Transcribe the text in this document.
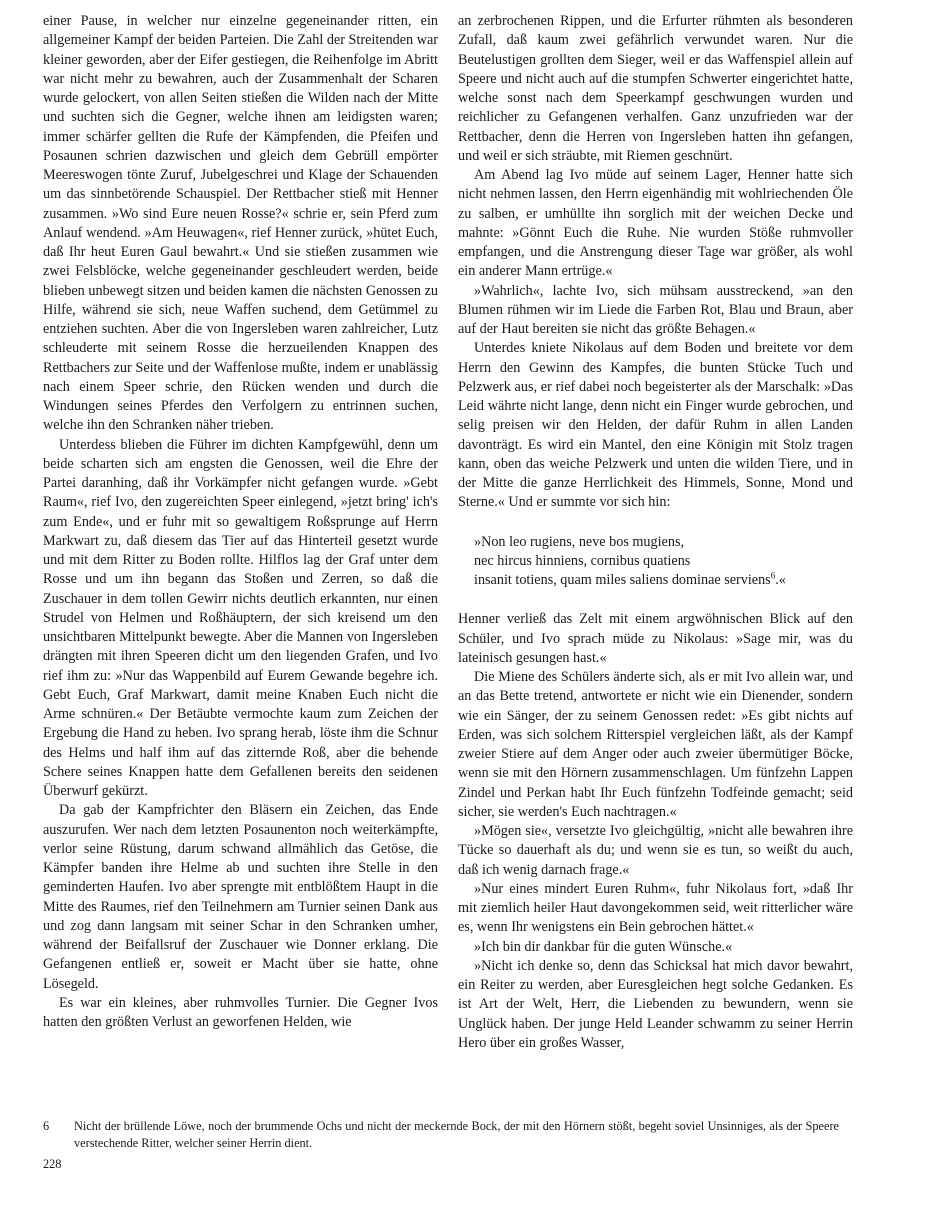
einer Pause, in welcher nur einzelne gegeneinander ritten, ein allgemeiner Kampf der beiden Parteien. Die Zahl der Streitenden war kleiner geworden, aber der Eifer gestiegen, die Reihenfolge im Abritt war nicht mehr zu bewahren, auch der Zusammenhalt der Scharen wurde gelockert, von allen Seiten stießen die Wilden nach der Mitte und suchten sich die Gegner, welche ihnen am leidigsten waren; immer schärfer gellten die Rufe der Kämpfenden, die Pfeifen und Posaunen schrien dazwischen und gleich dem Gebrüll empörter Meereswogen tönte Zuruf, Jubelgeschrei und Klage der Schauenden um das sinnbetörende Schauspiel. Der Rettbacher stieß mit Henner zusammen. »Wo sind Eure neuen Rosse?« schrie er, sein Pferd zum Anlauf wendend. »Am Heuwagen«, rief Henner zurück, »hütet Euch, daß Ihr heut Euren Gaul bewahrt.« Und sie stießen zusammen wie zwei Felsblöcke, welche gegeneinander geschleudert werden, beide blieben unbewegt sitzen und beiden kamen die nächsten Genossen zu Hilfe, während sie sich, neue Waffen suchend, dem Getümmel zu entziehen suchten. Aber die von Ingersleben waren zahlreicher, Lutz schleuderte mit seinem Rosse die herzueilenden Knappen des Rettbachers zur Seite und der Waffenlose mußte, indem er unablässig nach einem Speer schrie, den Rücken wenden und durch die Windungen seines Pferdes den Verfolgern zu entrinnen suchen, welche ihn den Schranken näher trieben.

Unterdess blieben die Führer im dichten Kampfgewühl, denn um beide scharten sich am engsten die Genossen, weil die Ehre der Partei daranhing, daß ihr Vorkämpfer nicht gefangen wurde. »Gebt Raum«, rief Ivo, den zugereichten Speer einlegend, »jetzt bring' ich's zum Ende«, und er fuhr mit so gewaltigem Roßsprunge auf Herrn Markwart zu, daß diesem das Tier auf das Hinterteil gesetzt wurde und mit dem Ritter zu Boden rollte. Hilflos lag der Graf unter dem Rosse und um ihn begann das Stoßen und Zerren, so daß die Zuschauer in dem tollen Gewirr nichts deutlich erkannten, nur einen Strudel von Helmen und Roßhäuptern, der sich kreisend um den unsichtbaren Mittelpunkt bewegte. Aber die Mannen von Ingersleben drängten mit ihren Speeren dicht um den liegenden Grafen, und Ivo rief ihm zu: »Nur das Wappenbild auf Eurem Gewande begehre ich. Gebt Euch, Graf Markwart, damit meine Knaben Euch nicht die Arme schnüren.« Der Betäubte vermochte kaum zum Zeichen der Ergebung die Hand zu heben. Ivo sprang herab, löste ihm die Schnur des Helms und half ihm auf das zitternde Roß, aber die behende Schere seines Knappen hatte dem Gefallenen bereits den seidenen Überwurf gekürzt.

Da gab der Kampfrichter den Bläsern ein Zeichen, das Ende auszurufen. Wer nach dem letzten Posaunenton noch weiterkämpfte, verlor seine Rüstung, darum schwand allmählich das Getöse, die Kämpfer banden ihre Helme ab und suchten ihre Stelle in den geminderten Haufen. Ivo aber sprengte mit entblößtem Haupt in die Mitte des Raumes, rief den Teilnehmern am Turnier seinen Dank aus und zog dann langsam mit seiner Schar in den Schranken umher, während der Beifallsruf der Zuschauer wie Donner erklang. Die Gefangenen entließ er, soweit er Macht über sie hatte, ohne Lösegeld.

Es war ein kleines, aber ruhmvolles Turnier. Die Gegner Ivos hatten den größten Verlust an geworfenen Helden, wie

an zerbrochenen Rippen, und die Erfurter rühmten als besonderen Zufall, daß kaum zwei gefährlich verwundet waren. Nur die Beutelustigen grollten dem Sieger, weil er das Waffenspiel allein auf Speere und nicht auch auf die stumpfen Schwerter eingerichtet hatte, welche sonst nach dem Speerkampf geschwungen wurden und reichlicher zu Gefangenen verhalfen. Ganz unzufrieden war der Rettbacher, denn die Herren von Ingersleben hatten ihn gefangen, und weil er sich sträubte, mit Riemen geschnürt.

Am Abend lag Ivo müde auf seinem Lager, Henner hatte sich nicht nehmen lassen, den Herrn eigenhändig mit wohlriechenden Öle zu salben, er umhüllte ihn sorglich mit der weichen Decke und mahnte: »Gönnt Euch die Ruhe. Nie wurden Stöße ruhmvoller empfangen, und die Anstrengung dieser Tage war größer, als wohl ein anderer Mann ertrüge.«

»Wahrlich«, lachte Ivo, sich mühsam ausstreckend, »an den Blumen rühmen wir im Liede die Farben Rot, Blau und Braun, aber auf der Haut bereiten sie nicht das größte Behagen.«

Unterdes kniete Nikolaus auf dem Boden und breitete vor dem Herrn den Gewinn des Kampfes, die bunten Stücke Tuch und Pelzwerk aus, er rief dabei noch begeisterter als der Marschalk: »Das Leid währte nicht lange, denn nicht ein Finger wurde gebrochen, und selig preisen wir den Helden, der dafür Ruhm in allen Landen davonträgt. Es wird ein Mantel, den eine Königin mit Stolz tragen kann, oben das weiche Pelzwerk und unten die wilden Tiere, und in der Mitte die ganze Herrlichkeit des Himmels, Sonne, Mond und Sterne.« Und er summte vor sich hin:

»Non leo rugiens, neve bos mugiens,
nec hircus hinniens, cornibus quatiens
insanit totiens, quam miles saliens dominae serviens$^6$.«

Henner verließ das Zelt mit einem argwöhnischen Blick auf den Schüler, und Ivo sprach müde zu Nikolaus: »Sage mir, was du lateinisch gesungen hast.«

Die Miene des Schülers änderte sich, als er mit Ivo allein war, und an das Bette tretend, antwortete er nicht wie ein Dienender, sondern wie ein Sänger, der zu seinem Genossen redet: »Es gibt nichts auf Erden, was sich solchem Ritterspiel vergleichen läßt, als der Kampf zweier Stiere auf dem Anger oder auch zweier übermütiger Böcke, wenn sie mit den Hörnern zusammenschlagen. Um fünfzehn Lappen Zindel und Perkan habt Ihr Euch fünfzehn Todfeinde gemacht; seid sicher, sie werden's Euch nachtragen.«

»Mögen sie«, versetzte Ivo gleichgültig, »nicht alle bewahren ihre Tücke so dauerhaft als du; und wenn sie es tun, so weißt du auch, daß ich wenig darnach frage.«

»Nur eines mindert Euren Ruhm«, fuhr Nikolaus fort, »daß Ihr mit ziemlich heiler Haut davongekommen seid, weit ritterlicher wäre es, wenn Ihr wenigstens ein Bein gebrochen hättet.«

»Ich bin dir dankbar für die guten Wünsche.«

»Nicht ich denke so, denn das Schicksal hat mich davor bewahrt, ein Reiter zu werden, aber Euresgleichen hegt solche Gedanken. Es ist Art der Welt, Herr, die Liebenden zu bewundern, wenn sie Unglück haben. Der junge Held Leander schwamm zu seiner Herrin Hero über ein großes Wasser,

6 Nicht der brüllende Löwe, noch der brummende Ochs und nicht der meckernde Bock, der mit den Hörnern stößt, begeht soviel Unsinniges, als der Speere verstechende Ritter, welcher seiner Herrin dient.
228
